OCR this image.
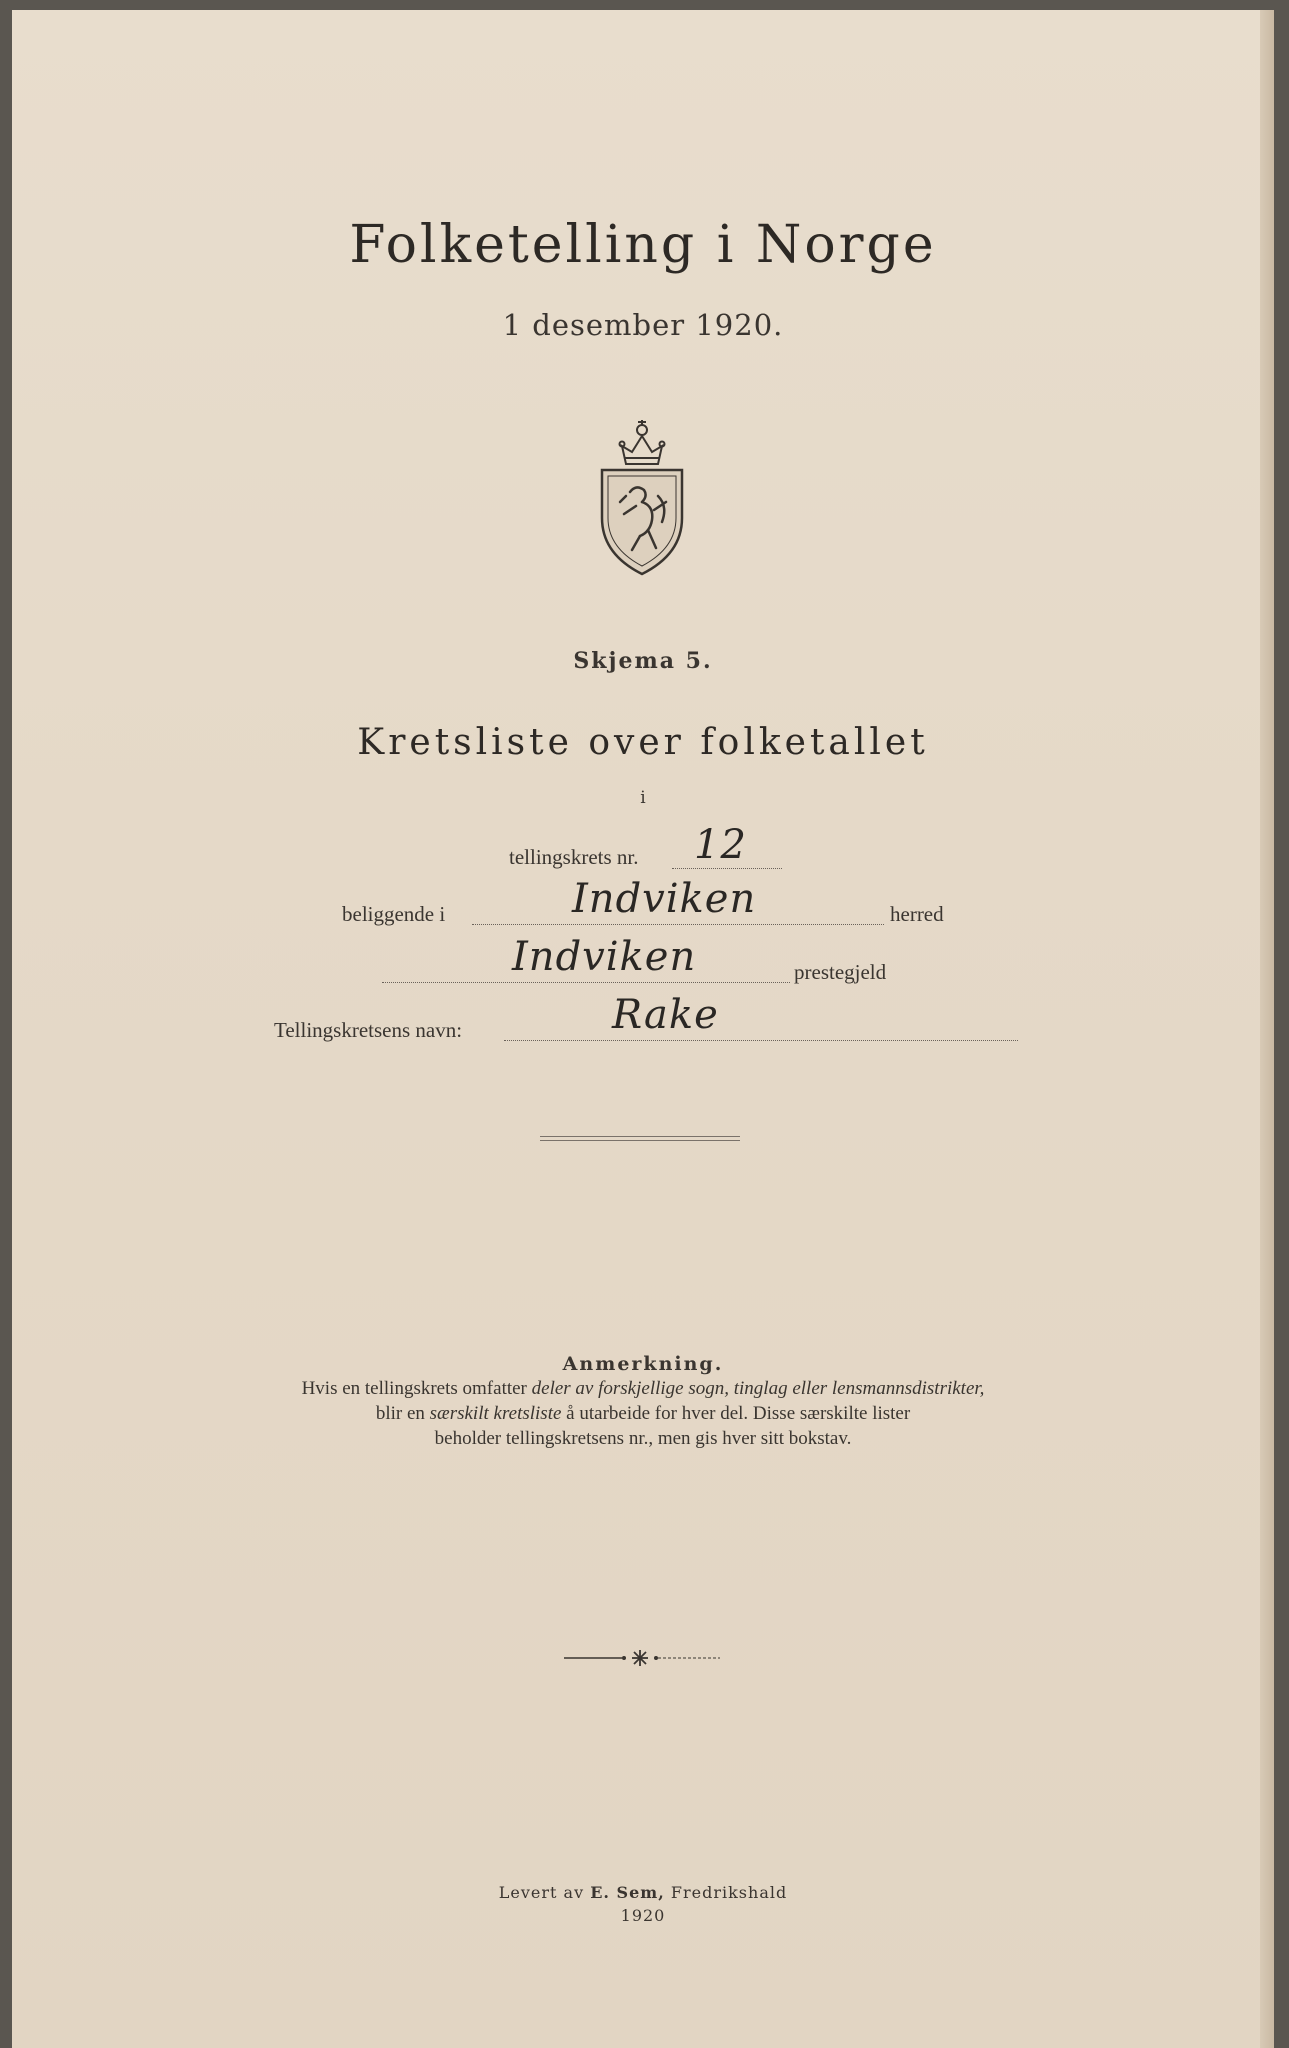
Folketelling i Norge
1 desember 1920.
Skjema 5.
Kretsliste over folketallet
i
tellingskrets nr. 12
beliggende i	Indviken	herred
Indviken	prestegjeld
Tellingskretsens navn:	Rake
Anmerkning.
Hvis en tellingskrets omfatter deler av forskjellige sogn, tinglag eller lensmannsdistrikter,
blir en særskilt kretsliste å utarbeide for hver del. Disse særskilte lister
beholder tellingskretsens nr., men gis hver sitt bokstav.
Levert av E. Sem, Fredrikshald
1920
